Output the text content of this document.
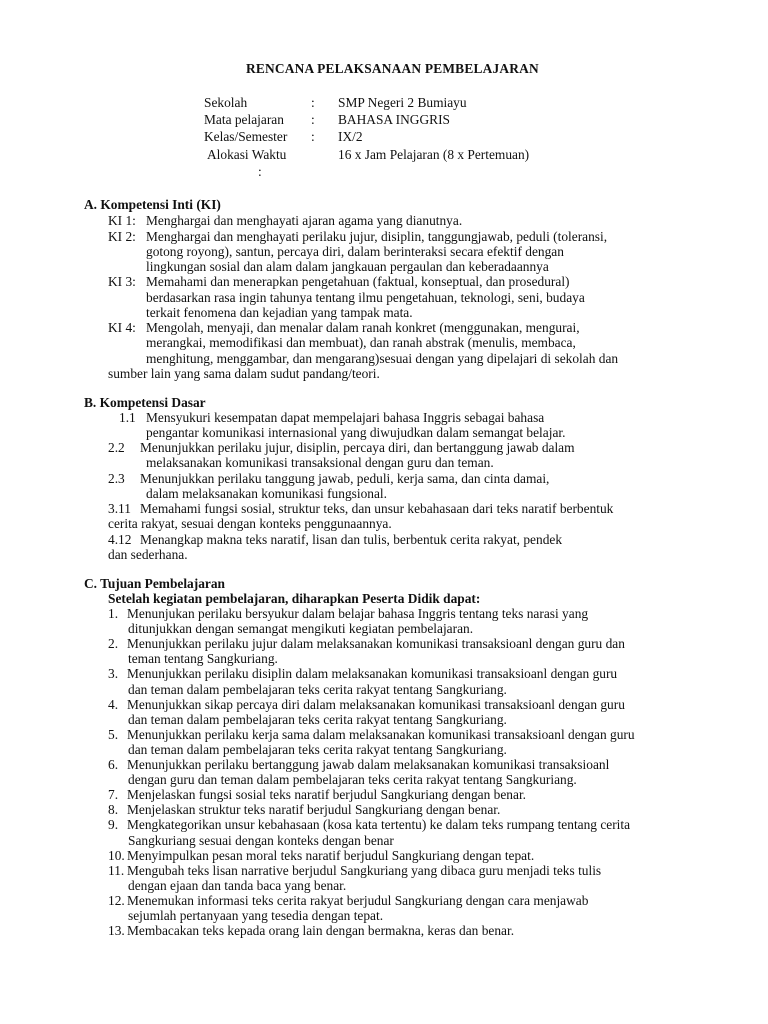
RENCANA PELAKSANAAN PEMBELAJARAN
Sekolah	: SMP Negeri 2 Bumiayu
Mata pelajaran : BAHASA INGGRIS
Kelas/Semester : IX/2
Alokasi Waktu	16 x Jam Pelajaran (8 x Pertemuan)
:
A. Kompetensi Inti (KI)
KI 1: Menghargai dan menghayati ajaran agama yang dianutnya.
KI 2: Menghargai dan menghayati perilaku jujur, disiplin, tanggungjawab, peduli (toleransi,
gotong royong), santun, percaya diri, dalam berinteraksi secara efektif dengan
lingkungan sosial dan alam dalam jangkauan pergaulan dan keberadaannya
KI 3: Memahami dan menerapkan pengetahuan (faktual, konseptual, dan prosedural)
berdasarkan rasa ingin tahunya tentang ilmu pengetahuan, teknologi, seni, budaya
terkait fenomena dan kejadian yang tampak mata.
KI 4: Mengolah, menyaji, dan menalar dalam ranah konkret (menggunakan, mengurai,
merangkai, memodifikasi dan membuat), dan ranah abstrak (menulis, membaca,
menghitung, menggambar, dan mengarang)sesuai dengan yang dipelajari di sekolah dan
sumber lain yang sama dalam sudut pandang/teori.
B. Kompetensi Dasar
1.1 Mensyukuri kesempatan dapat mempelajari bahasa Inggris sebagai bahasa
pengantar komunikasi internasional yang diwujudkan dalam semangat belajar.
2.2 Menunjukkan perilaku jujur, disiplin, percaya diri, dan bertanggung jawab dalam
melaksanakan komunikasi transaksional dengan guru dan teman.
2.3 Menunjukkan perilaku tanggung jawab, peduli, kerja sama, dan cinta damai,
dalam melaksanakan komunikasi fungsional.
3.11 Memahami fungsi sosial, struktur teks, dan unsur kebahasaan dari teks naratif berbentuk
cerita rakyat, sesuai dengan konteks penggunaannya.
4.12 Menangkap makna teks naratif, lisan dan tulis, berbentuk cerita rakyat, pendek
dan sederhana.
C. Tujuan Pembelajaran
Setelah kegiatan pembelajaran, diharapkan Peserta Didik dapat:
1. Menunjukan perilaku bersyukur dalam belajar bahasa Inggris tentang teks narasi yang
ditunjukkan dengan semangat mengikuti kegiatan pembelajaran.
2. Menunjukkan perilaku jujur dalam melaksanakan komunikasi transaksioanl dengan guru dan
teman tentang Sangkuriang.
3. Menunjukkan perilaku disiplin dalam melaksanakan komunikasi transaksioanl dengan guru
dan teman dalam pembelajaran teks cerita rakyat tentang Sangkuriang.
4. Menunjukkan sikap percaya diri dalam melaksanakan komunikasi transaksioanl dengan guru
dan teman dalam pembelajaran teks cerita rakyat tentang Sangkuriang.
5. Menunjukkan perilaku kerja sama dalam melaksanakan komunikasi transaksioanl dengan guru
dan teman dalam pembelajaran teks cerita rakyat tentang Sangkuriang.
6. Menunjukkan perilaku bertanggung jawab dalam melaksanakan komunikasi transaksioanl
dengan guru dan teman dalam pembelajaran teks cerita rakyat tentang Sangkuriang.
7. Menjelaskan fungsi sosial teks naratif berjudul Sangkuriang dengan benar.
8. Menjelaskan struktur teks naratif berjudul Sangkuriang dengan benar.
9. Mengkategorikan unsur kebahasaan (kosa kata tertentu) ke dalam teks rumpang tentang cerita
Sangkuriang sesuai dengan konteks dengan benar
10. Menyimpulkan pesan moral teks naratif berjudul Sangkuriang dengan tepat.
11. Mengubah teks lisan narrative berjudul Sangkuriang yang dibaca guru menjadi teks tulis
dengan ejaan dan tanda baca yang benar.
12. Menemukan informasi teks cerita rakyat berjudul Sangkuriang dengan cara menjawab
sejumlah pertanyaan yang tesedia dengan tepat.
13. Membacakan teks kepada orang lain dengan bermakna, keras dan benar.
